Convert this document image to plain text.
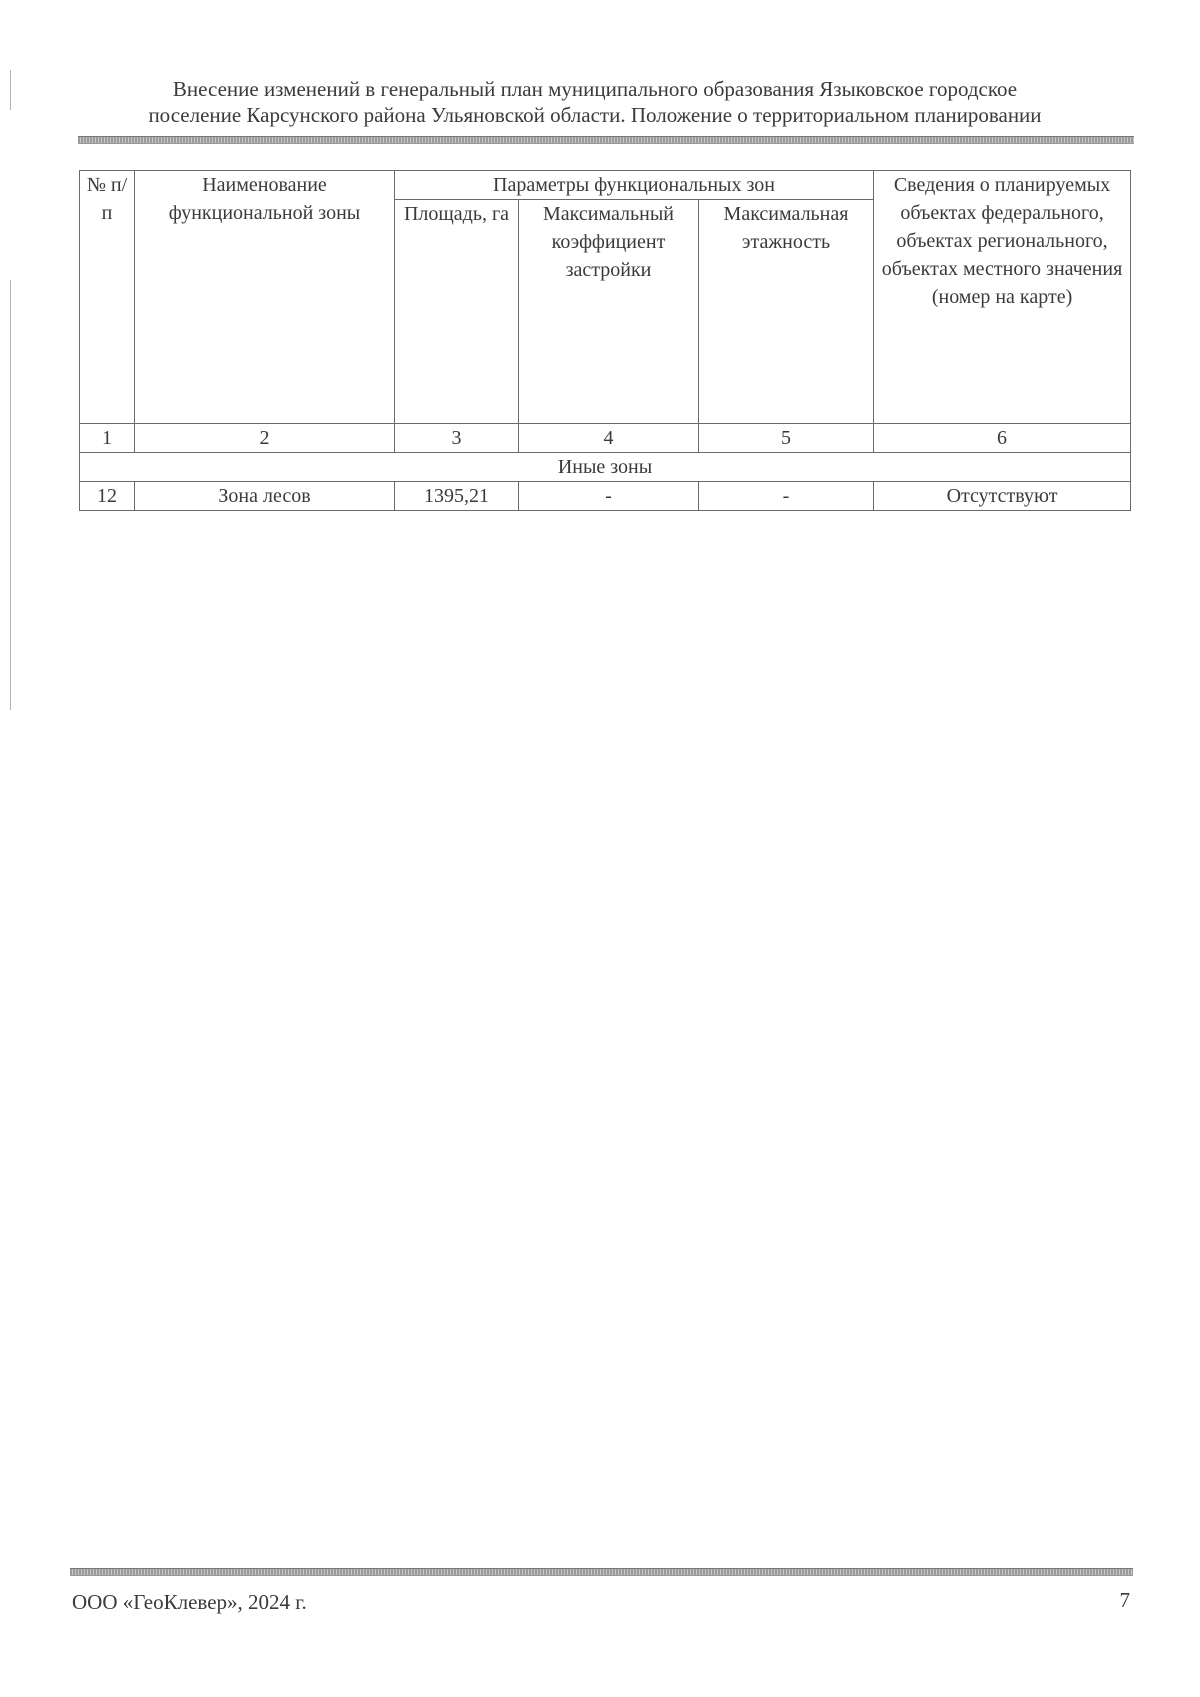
Внесение изменений в генеральный план муниципального образования Языковское городское
поселение Карсунского района Ульяновской области. Положение о территориальном планировании
№ п/п	Наименование функциональной зоны	Параметры функциональных зон			Сведения о планируемых объектах федерального, объектах регионального, объектах местного значения (номер на карте)
		Площадь, га	Максимальный коэффициент застройки	Максимальная этажность	
1	2	3	4	5	6
Иные зоны					
12	Зона лесов	1395,21	-	-	Отсутствуют
ООО «ГеоКлевер», 2024 г.	7
